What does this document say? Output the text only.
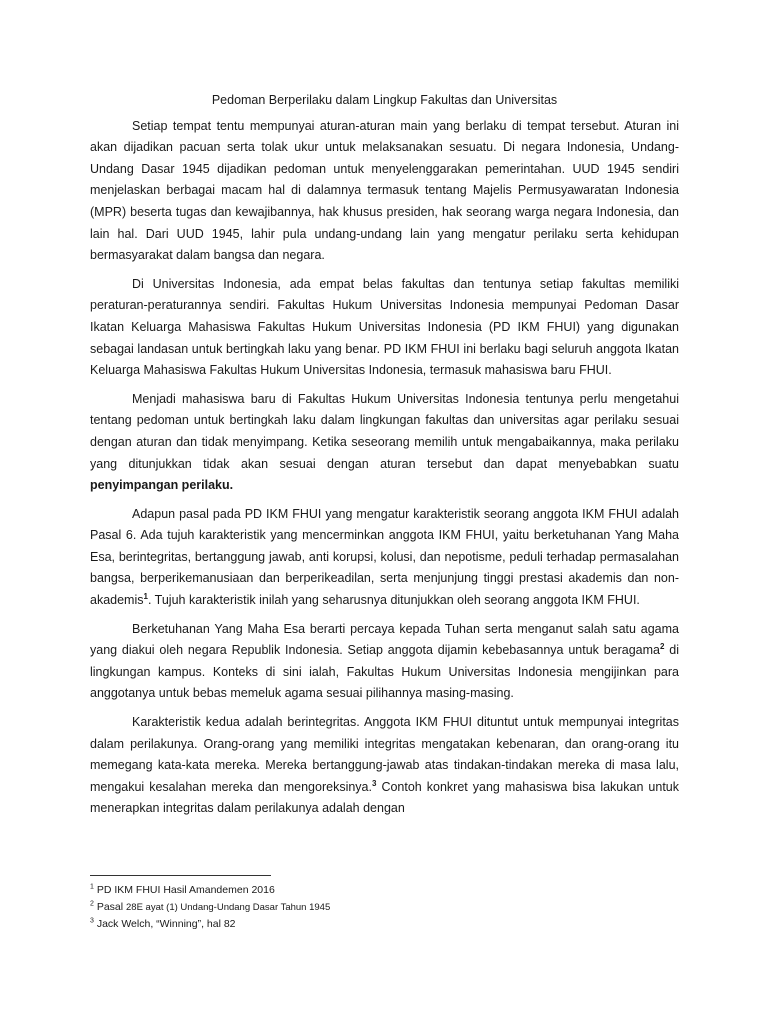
Pedoman Berperilaku dalam Lingkup Fakultas dan Universitas

Setiap tempat tentu mempunyai aturan-aturan main yang berlaku di tempat tersebut. Aturan ini akan dijadikan pacuan serta tolak ukur untuk melaksanakan sesuatu. Di negara Indonesia, Undang-Undang Dasar 1945 dijadikan pedoman untuk menyelenggarakan pemerintahan. UUD 1945 sendiri menjelaskan berbagai macam hal di dalamnya termasuk tentang Majelis Permusyawaratan Indonesia (MPR) beserta tugas dan kewajibannya, hak khusus presiden, hak seorang warga negara Indonesia, dan lain hal. Dari UUD 1945, lahir pula undang-undang lain yang mengatur perilaku serta kehidupan bermasyarakat dalam bangsa dan negara.

Di Universitas Indonesia, ada empat belas fakultas dan tentunya setiap fakultas memiliki peraturan-peraturannya sendiri. Fakultas Hukum Universitas Indonesia mempunyai Pedoman Dasar Ikatan Keluarga Mahasiswa Fakultas Hukum Universitas Indonesia (PD IKM FHUI) yang digunakan sebagai landasan untuk bertingkah laku yang benar. PD IKM FHUI ini berlaku bagi seluruh anggota Ikatan Keluarga Mahasiswa Fakultas Hukum Universitas Indonesia, termasuk mahasiswa baru FHUI.

Menjadi mahasiswa baru di Fakultas Hukum Universitas Indonesia tentunya perlu mengetahui tentang pedoman untuk bertingkah laku dalam lingkungan fakultas dan universitas agar perilaku sesuai dengan aturan dan tidak menyimpang. Ketika seseorang memilih untuk mengabaikannya, maka perilaku yang ditunjukkan tidak akan sesuai dengan aturan tersebut dan dapat menyebabkan suatu penyimpangan perilaku.

Adapun pasal pada PD IKM FHUI yang mengatur karakteristik seorang anggota IKM FHUI adalah Pasal 6. Ada tujuh karakteristik yang mencerminkan anggota IKM FHUI, yaitu berketuhanan Yang Maha Esa, berintegritas, bertanggung jawab, anti korupsi, kolusi, dan nepotisme, peduli terhadap permasalahan bangsa, berperikemanusiaan dan berperikeadilan, serta menjunjung tinggi prestasi akademis dan non-akademis$^1$. Tujuh karakteristik inilah yang seharusnya ditunjukkan oleh seorang anggota IKM FHUI.

Berketuhanan Yang Maha Esa berarti percaya kepada Tuhan serta menganut salah satu agama yang diakui oleh negara Republik Indonesia. Setiap anggota dijamin kebebasannya untuk beragama$^2$ di lingkungan kampus. Konteks di sini ialah, Fakultas Hukum Universitas Indonesia mengijinkan para anggotanya untuk bebas memeluk agama sesuai pilihannya masing-masing.

Karakteristik kedua adalah berintegritas. Anggota IKM FHUI dituntut untuk mempunyai integritas dalam perilakunya. Orang-orang yang memiliki integritas mengatakan kebenaran, dan orang-orang itu memegang kata-kata mereka. Mereka bertanggung-jawab atas tindakan-tindakan mereka di masa lalu, mengakui kesalahan mereka dan mengoreksinya.$^3$ Contoh konkret yang mahasiswa bisa lakukan untuk menerapkan integritas dalam perilakunya adalah dengan

$^1$ PD IKM FHUI Hasil Amandemen 2016

$^2$ Pasal 28E ayat (1) Undang-Undang Dasar Tahun 1945

$^3$ Jack Welch, “Winning”, hal 82
